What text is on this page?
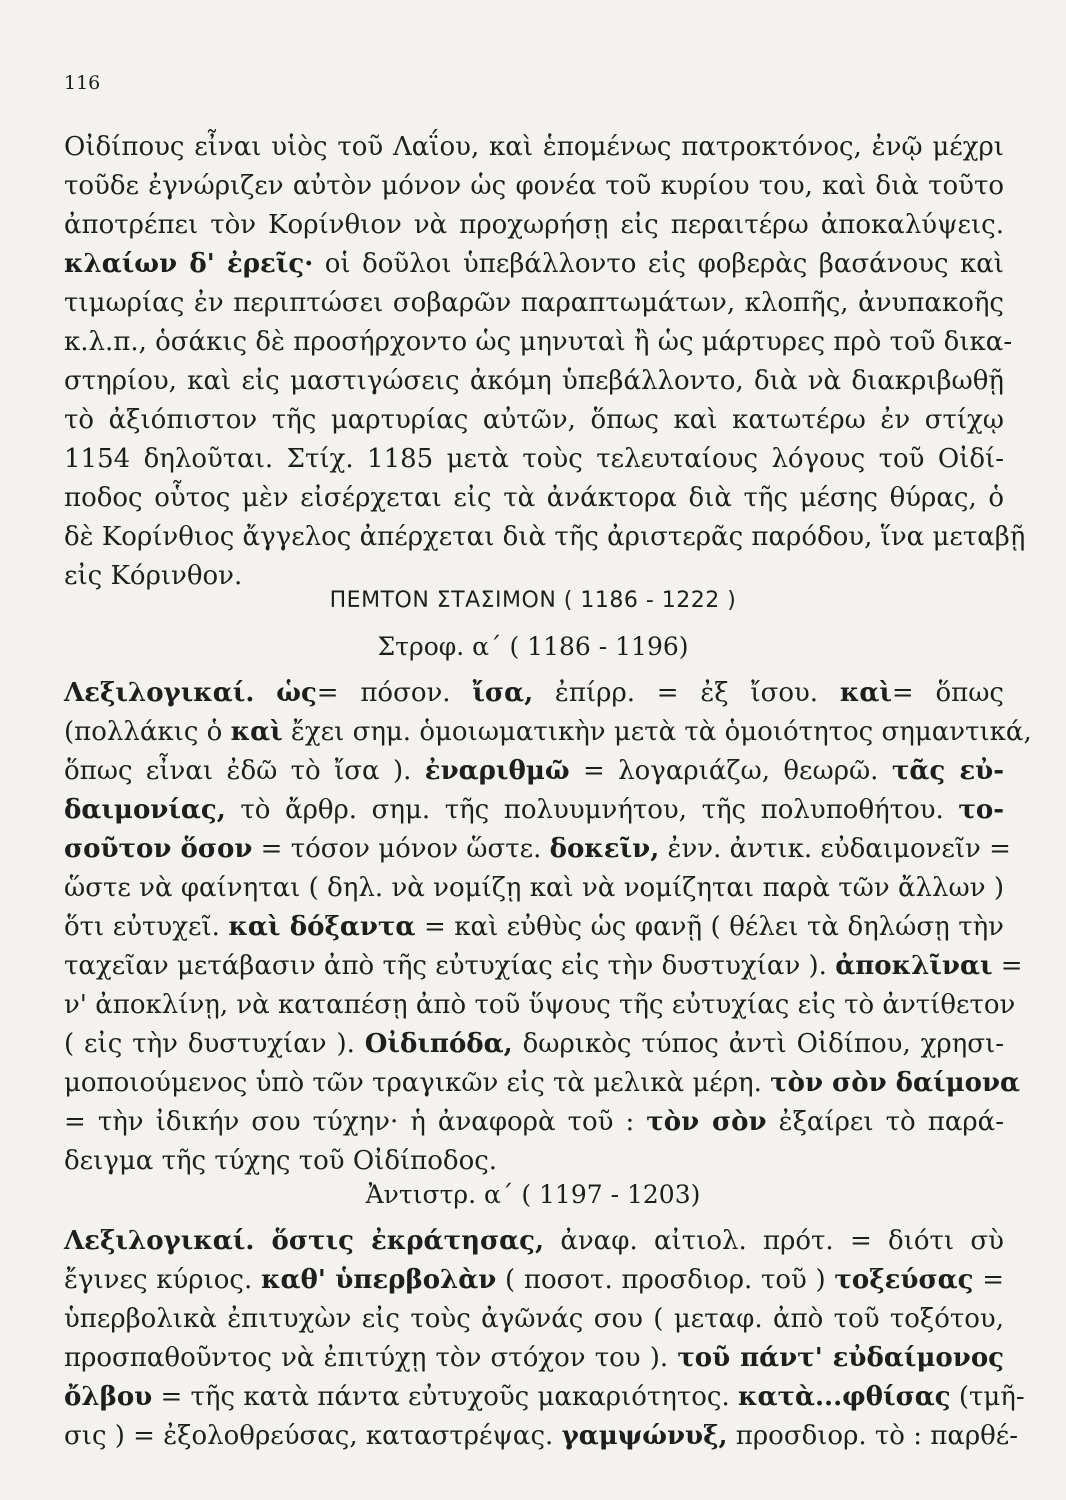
116
Οἰδίπους εἶναι υἱὸς τοῦ Λαΐου, καὶ ἑπομένως πατροκτόνος, ἐνῷ μέχρι
τοῦδε ἐγνώριζεν αὐτὸν μόνον ὡς φονέα τοῦ κυρίου του, καὶ διὰ τοῦτο
ἀποτρέπει τὸν Κορίνθιον νὰ προχωρήσῃ εἰς περαιτέρω ἀποκαλύψεις.
κλαίων δ' ἐρεῖς· οἱ δοῦλοι ὑπεβάλλοντο εἰς φοβερὰς βασάνους καὶ
τιμωρίας ἐν περιπτώσει σοβαρῶν παραπτωμάτων, κλοπῆς, ἀνυπακοῆς
κ.λ.π., ὁσάκις δὲ προσήρχοντο ὡς μηνυταὶ ἢ ὡς μάρτυρες πρὸ τοῦ δικα-
στηρίου, καὶ εἰς μαστιγώσεις ἀκόμη ὑπεβάλλοντο, διὰ νὰ διακριβωθῇ
τὸ ἀξιόπιστον τῆς μαρτυρίας αὐτῶν, ὅπως καὶ κατωτέρω ἐν στίχῳ
1154 δηλοῦται. Στίχ. 1185 μετὰ τοὺς τελευταίους λόγους τοῦ Οἰδί-
ποδος οὗτος μὲν εἰσέρχεται εἰς τὰ ἀνάκτορα διὰ τῆς μέσης θύρας, ὁ
δὲ Κορίνθιος ἄγγελος ἀπέρχεται διὰ τῆς ἀριστερᾶς παρόδου, ἵνα μεταβῇ
εἰς Κόρινθον.
ΠΕΜΤΟΝ ΣΤΑΣΙΜΟΝ ( 1186 - 1222 )
Στροφ. α΄ ( 1186 - 1196)
Λεξιλογικαί. ὡς= πόσον. ἴσα, ἐπίρρ. = ἐξ ἴσου. καὶ= ὅπως
(πολλάκις ὁ καὶ ἔχει σημ. ὁμοιωματικὴν μετὰ τὰ ὁμοιότητος σημαντικά,
ὅπως εἶναι ἐδῶ τὸ ἴσα ). ἐναριθμῶ = λογαριάζω, θεωρῶ. τᾶς εὐ-
δαιμονίας, τὸ ἄρθρ. σημ. τῆς πολυυμνήτου, τῆς πολυποθήτου. το-
σοῦτον ὅσον = τόσον μόνον ὥστε. δοκεῖν, ἐνν. ἀντικ. εὐδαιμονεῖν =
ὥστε νὰ φαίνηται ( δηλ. νὰ νομίζῃ καὶ νὰ νομίζηται παρὰ τῶν ἄλλων )
ὅτι εὐτυχεῖ. καὶ δόξαντα = καὶ εὐθὺς ὡς φανῇ ( θέλει τὰ δηλώσῃ τὴν
ταχεῖαν μετάβασιν ἀπὸ τῆς εὐτυχίας εἰς τὴν δυστυχίαν ). ἀποκλῖναι =
ν' ἀποκλίνῃ, νὰ καταπέσῃ ἀπὸ τοῦ ὕψους τῆς εὐτυχίας εἰς τὸ ἀντίθετον
( εἰς τὴν δυστυχίαν ). Οἰδιπόδα, δωρικὸς τύπος ἀντὶ Οἰδίπου, χρησι-
μοποιούμενος ὑπὸ τῶν τραγικῶν εἰς τὰ μελικὰ μέρη. τὸν σὸν δαίμονα
= τὴν ἰδικήν σου τύχην· ἡ ἀναφορὰ τοῦ : τὸν σὸν ἐξαίρει τὸ παρά-
δειγμα τῆς τύχης τοῦ Οἰδίποδος.
Ἀντιστρ. α΄ ( 1197 - 1203)
Λεξιλογικαί. ὅστις ἐκράτησας, ἀναφ. αἰτιολ. πρότ. = διότι σὺ
ἔγινες κύριος. καθ' ὑπερβολὰν ( ποσοτ. προσδιορ. τοῦ ) τοξεύσας =
ὑπερβολικὰ ἐπιτυχὼν εἰς τοὺς ἀγῶνάς σου ( μεταφ. ἀπὸ τοῦ τοξότου,
προσπαθοῦντος νὰ ἐπιτύχῃ τὸν στόχον του ). τοῦ πάντ' εὐδαίμονος
ὄλβου = τῆς κατὰ πάντα εὐτυχοῦς μακαριότητος. κατὰ...φθίσας (τμῆ-
σις ) = ἐξολοθρεύσας, καταστρέψας. γαμψώνυξ, προσδιορ. τὸ : παρθέ-
